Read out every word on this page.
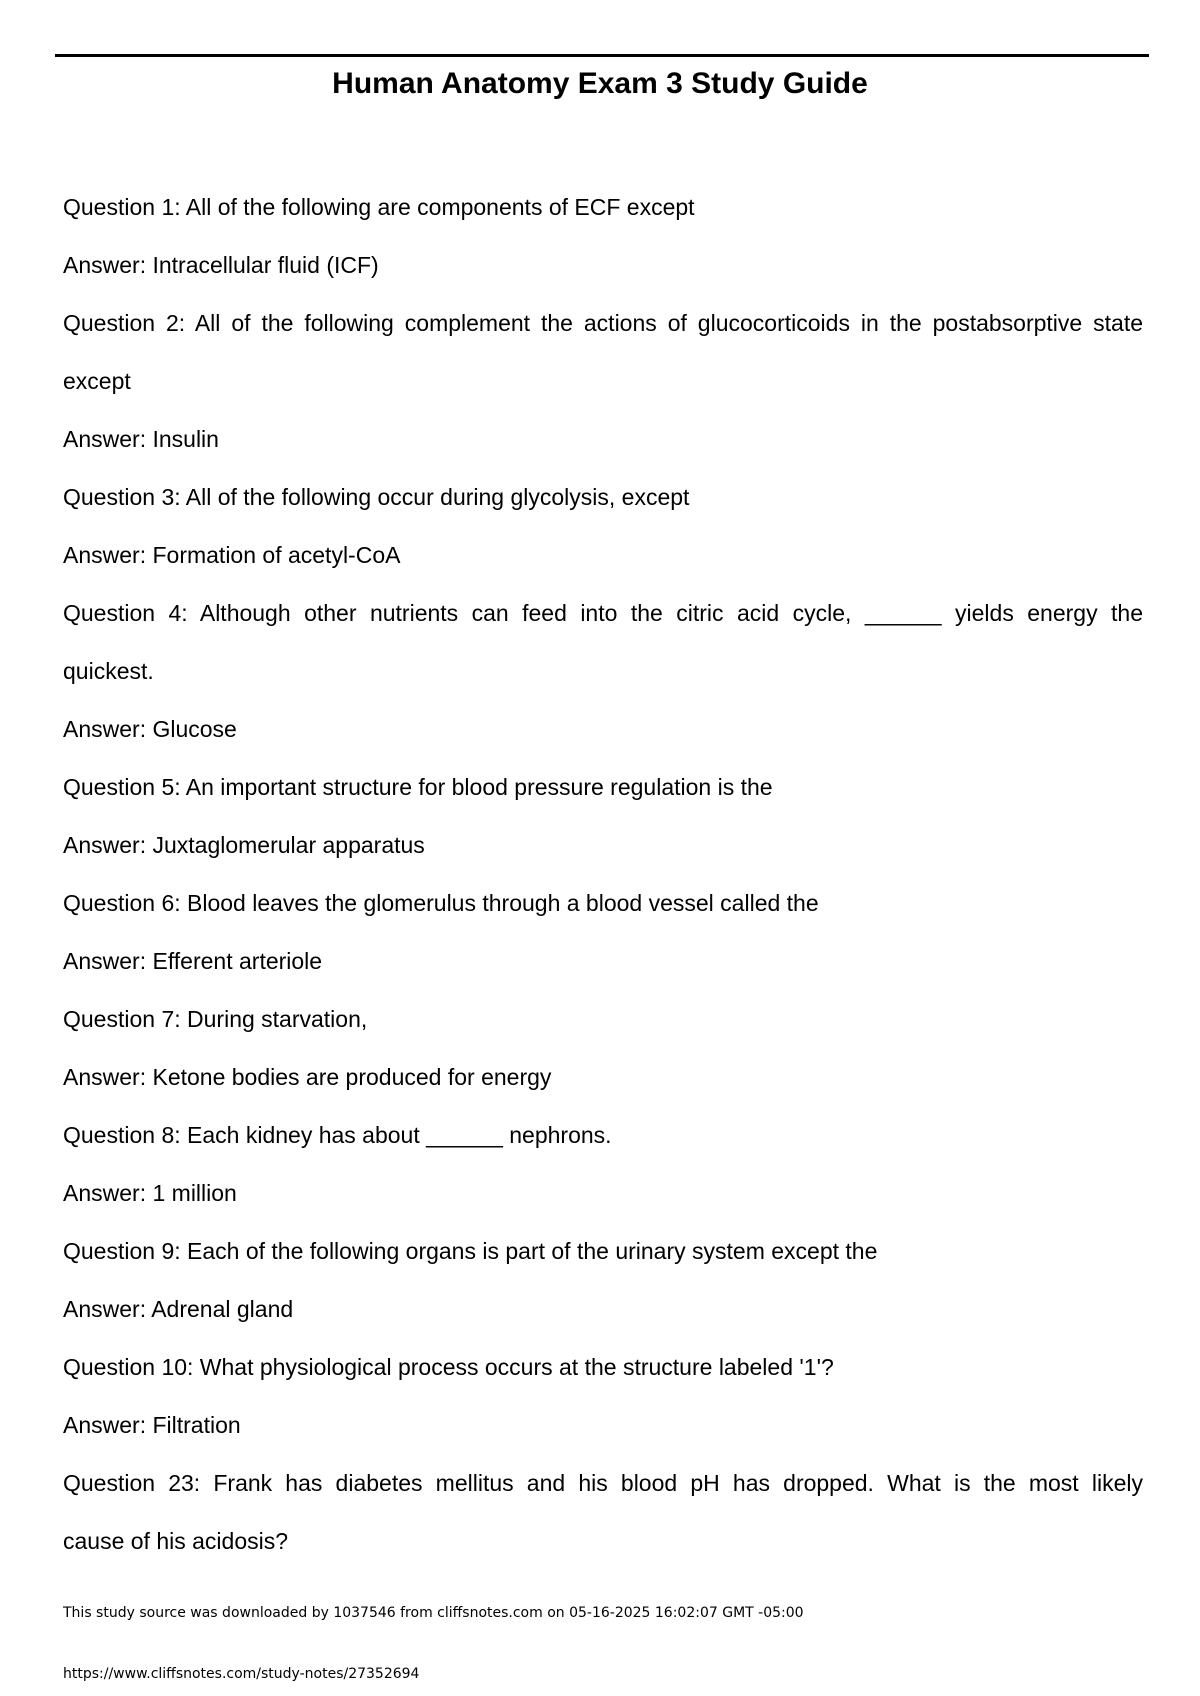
Human Anatomy Exam 3 Study Guide
Question 1: All of the following are components of ECF except
Answer: Intracellular fluid (ICF)
Question 2: All of the following complement the actions of glucocorticoids in the postabsorptive state
except
Answer: Insulin
Question 3: All of the following occur during glycolysis, except
Answer: Formation of acetyl-CoA
Question 4: Although other nutrients can feed into the citric acid cycle, ______ yields energy the
quickest.
Answer: Glucose
Question 5: An important structure for blood pressure regulation is the
Answer: Juxtaglomerular apparatus
Question 6: Blood leaves the glomerulus through a blood vessel called the
Answer: Efferent arteriole
Question 7: During starvation,
Answer: Ketone bodies are produced for energy
Question 8: Each kidney has about ______ nephrons.
Answer: 1 million
Question 9: Each of the following organs is part of the urinary system except the
Answer: Adrenal gland
Question 10: What physiological process occurs at the structure labeled '1'?
Answer: Filtration
Question 23: Frank has diabetes mellitus and his blood pH has dropped. What is the most likely
cause of his acidosis?
This study source was downloaded by 1037546 from cliffsnotes.com on 05-16-2025 16:02:07 GMT -05:00
https://www.cliffsnotes.com/study-notes/27352694
